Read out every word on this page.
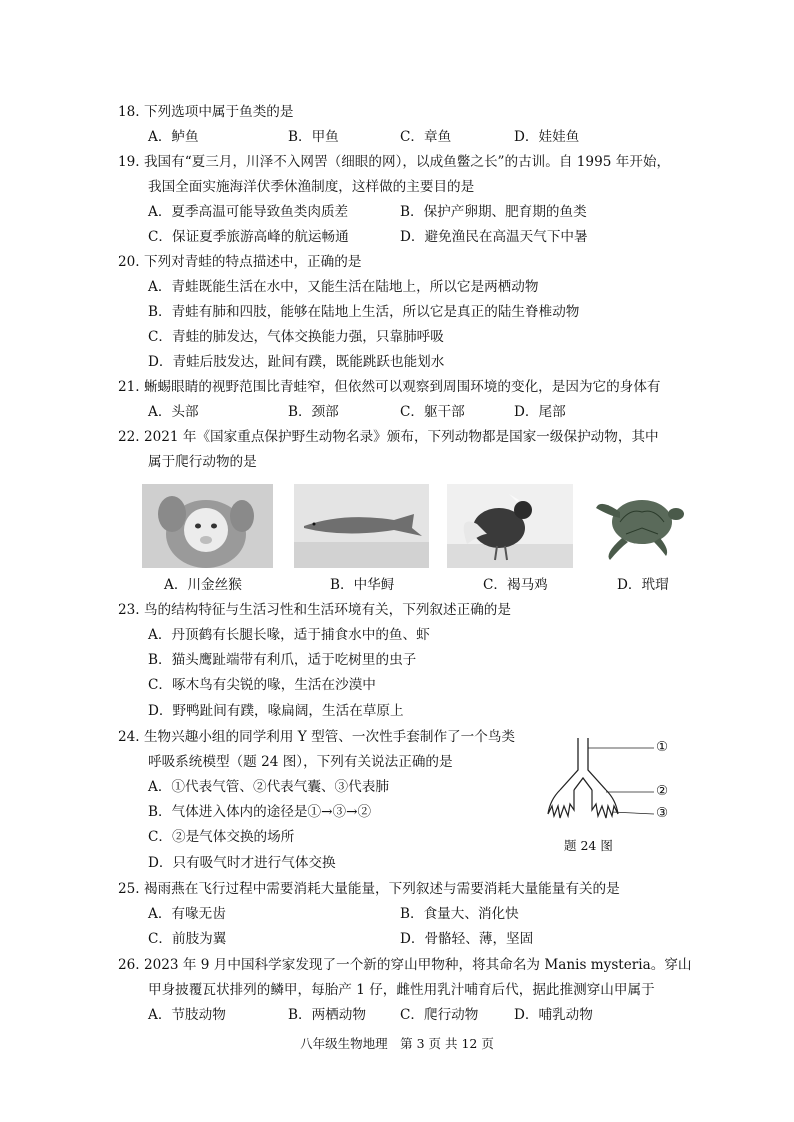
18. 下列选项中属于鱼类的是
A．鲈鱼	B．甲鱼	C．章鱼	D．娃娃鱼
19. 我国有“夏三月，川泽不入网罟（细眼的网），以成鱼鳖之长”的古训。自 1995 年开始，
我国全面实施海洋伏季休渔制度，这样做的主要目的是
A．夏季高温可能导致鱼类肉质差	B．保护产卵期、肥育期的鱼类
C．保证夏季旅游高峰的航运畅通	D．避免渔民在高温天气下中暑
20. 下列对青蛙的特点描述中，正确的是
A．青蛙既能生活在水中，又能生活在陆地上，所以它是两栖动物
B．青蛙有肺和四肢，能够在陆地上生活，所以它是真正的陆生脊椎动物
C．青蛙的肺发达，气体交换能力强，只靠肺呼吸
D．青蛙后肢发达，趾间有蹼，既能跳跃也能划水
21. 蜥蜴眼睛的视野范围比青蛙窄，但依然可以观察到周围环境的变化，是因为它的身体有
A．头部	B．颈部	C．躯干部	D．尾部
22. 2021 年《国家重点保护野生动物名录》颁布，下列动物都是国家一级保护动物，其中
属于爬行动物的是
A．川金丝猴	B．中华鲟	C．褐马鸡	D．玳瑁
23. 鸟的结构特征与生活习性和生活环境有关，下列叙述正确的是
A．丹顶鹤有长腿长喙，适于捕食水中的鱼、虾
B．猫头鹰趾端带有利爪，适于吃树里的虫子
C．啄木鸟有尖锐的喙，生活在沙漠中
D．野鸭趾间有蹼，喙扁阔，生活在草原上
24. 生物兴趣小组的同学利用 Y 型管、一次性手套制作了一个鸟类
呼吸系统模型（题 24 图），下列有关说法正确的是
A．①代表气管、②代表气囊、③代表肺
B．气体进入体内的途径是①→③→②
C．②是气体交换的场所
D．只有吸气时才进行气体交换
①
②
③
题 24 图
25. 褐雨燕在飞行过程中需要消耗大量能量，下列叙述与需要消耗大量能量有关的是
A．有喙无齿	B．食量大、消化快
C．前肢为翼	D．骨骼轻、薄，坚固
26. 2023 年 9 月中国科学家发现了一个新的穿山甲物种，将其命名为 Manis mysteria。穿山
甲身披覆瓦状排列的鳞甲，每胎产 1 仔，雌性用乳汁哺育后代，据此推测穿山甲属于
A．节肢动物	B．两栖动物	C．爬行动物	D．哺乳动物
八年级生物地理　第 3 页 共 12 页
